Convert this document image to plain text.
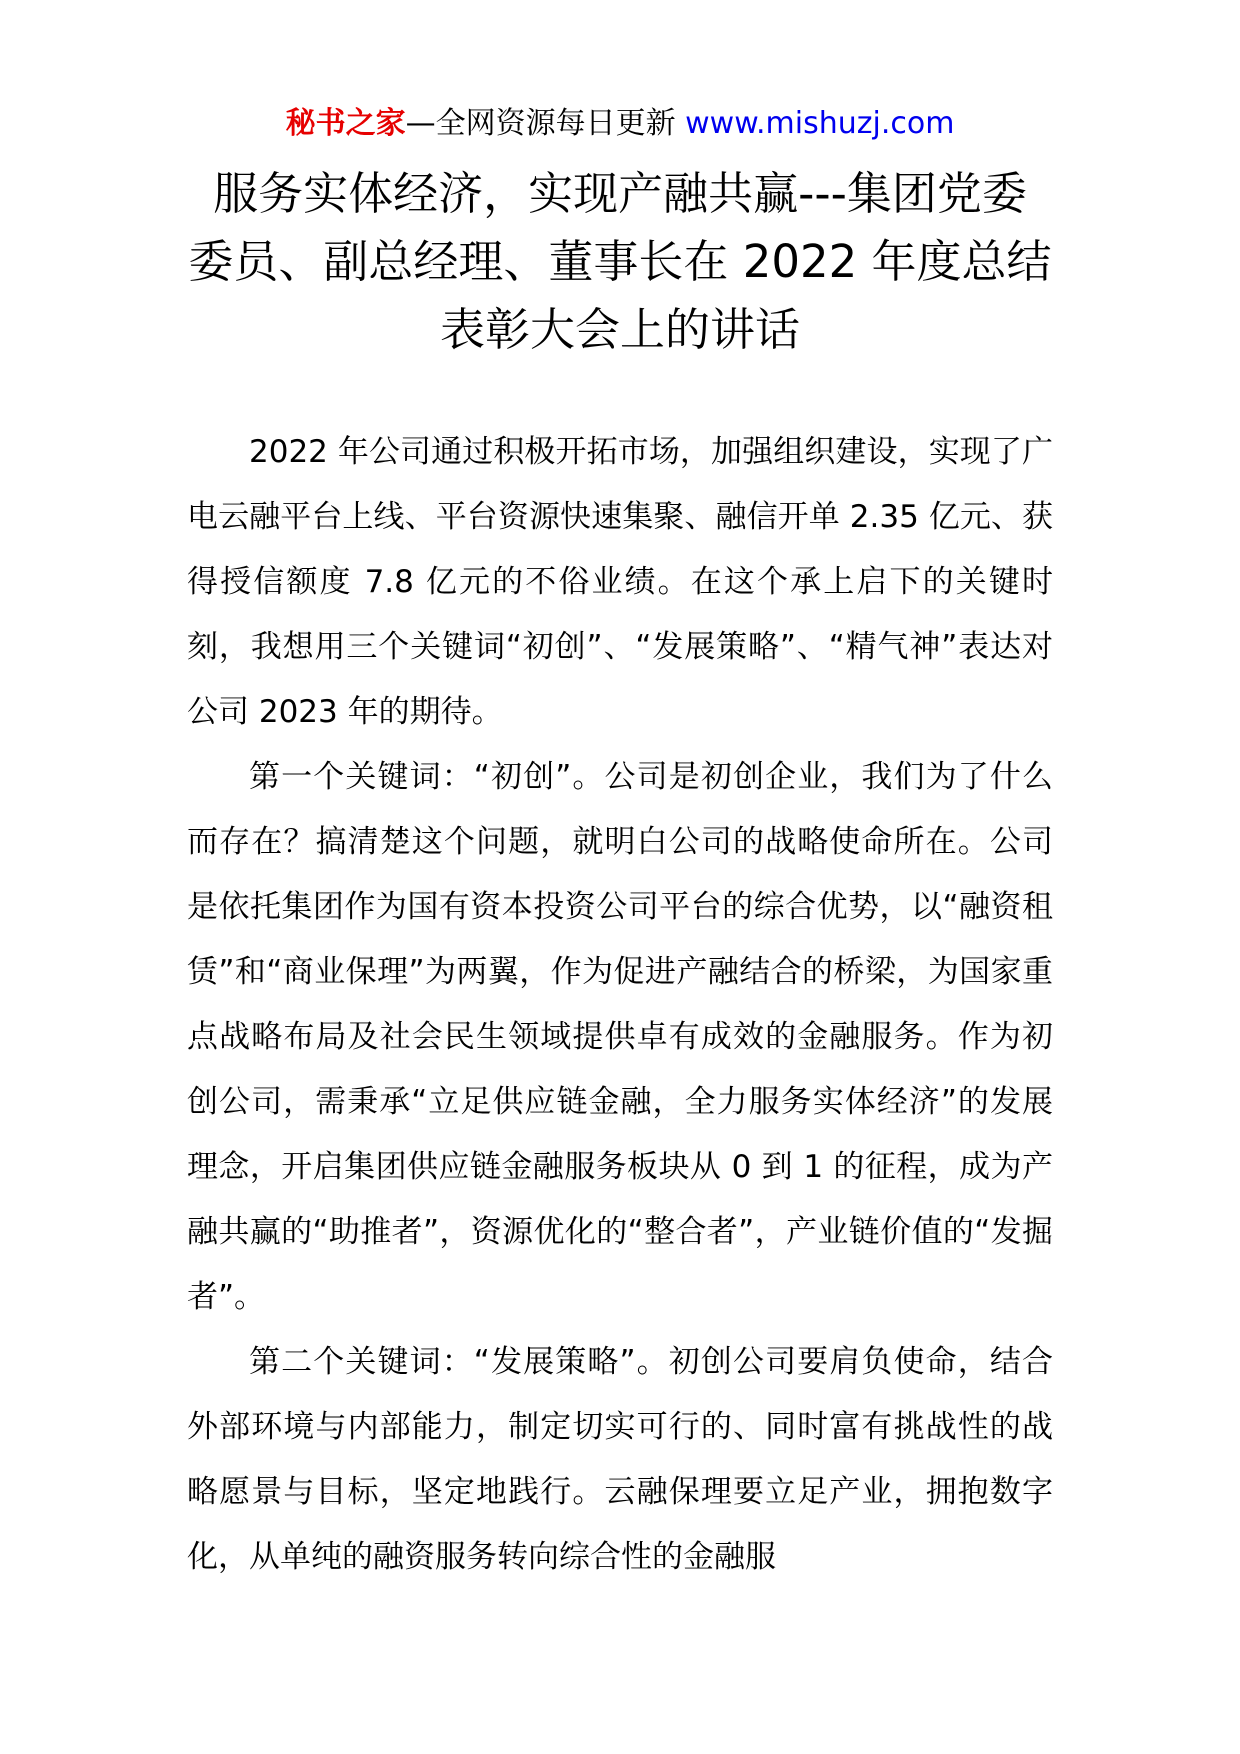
秘书之家—全网资源每日更新 www.mishuzj.com
服务实体经济，实现产融共赢---集团党委
委员、副总经理、董事长在 2022 年度总结
表彰大会上的讲话

2022 年公司通过积极开拓市场，加强组织建设，实现了广电云融平台上线、平台资源快速集聚、融信开单 2.35 亿元、获得授信额度 7.8 亿元的不俗业绩。在这个承上启下的关键时刻，我想用三个关键词“初创”、“发展策略”、“精气神”表达对公司 2023 年的期待。

第一个关键词：“初创”。公司是初创企业，我们为了什么而存在？搞清楚这个问题，就明白公司的战略使命所在。公司是依托集团作为国有资本投资公司平台的综合优势，以“融资租赁”和“商业保理”为两翼，作为促进产融结合的桥梁，为国家重点战略布局及社会民生领域提供卓有成效的金融服务。作为初创公司，需秉承“立足供应链金融，全力服务实体经济”的发展理念，开启集团供应链金融服务板块从 0 到 1 的征程，成为产融共赢的“助推者”，资源优化的“整合者”，产业链价值的“发掘者”。

第二个关键词：“发展策略”。初创公司要肩负使命，结合外部环境与内部能力，制定切实可行的、同时富有挑战性的战略愿景与目标，坚定地践行。云融保理要立足产业，拥抱数字化，从单纯的融资服务转向综合性的金融服
